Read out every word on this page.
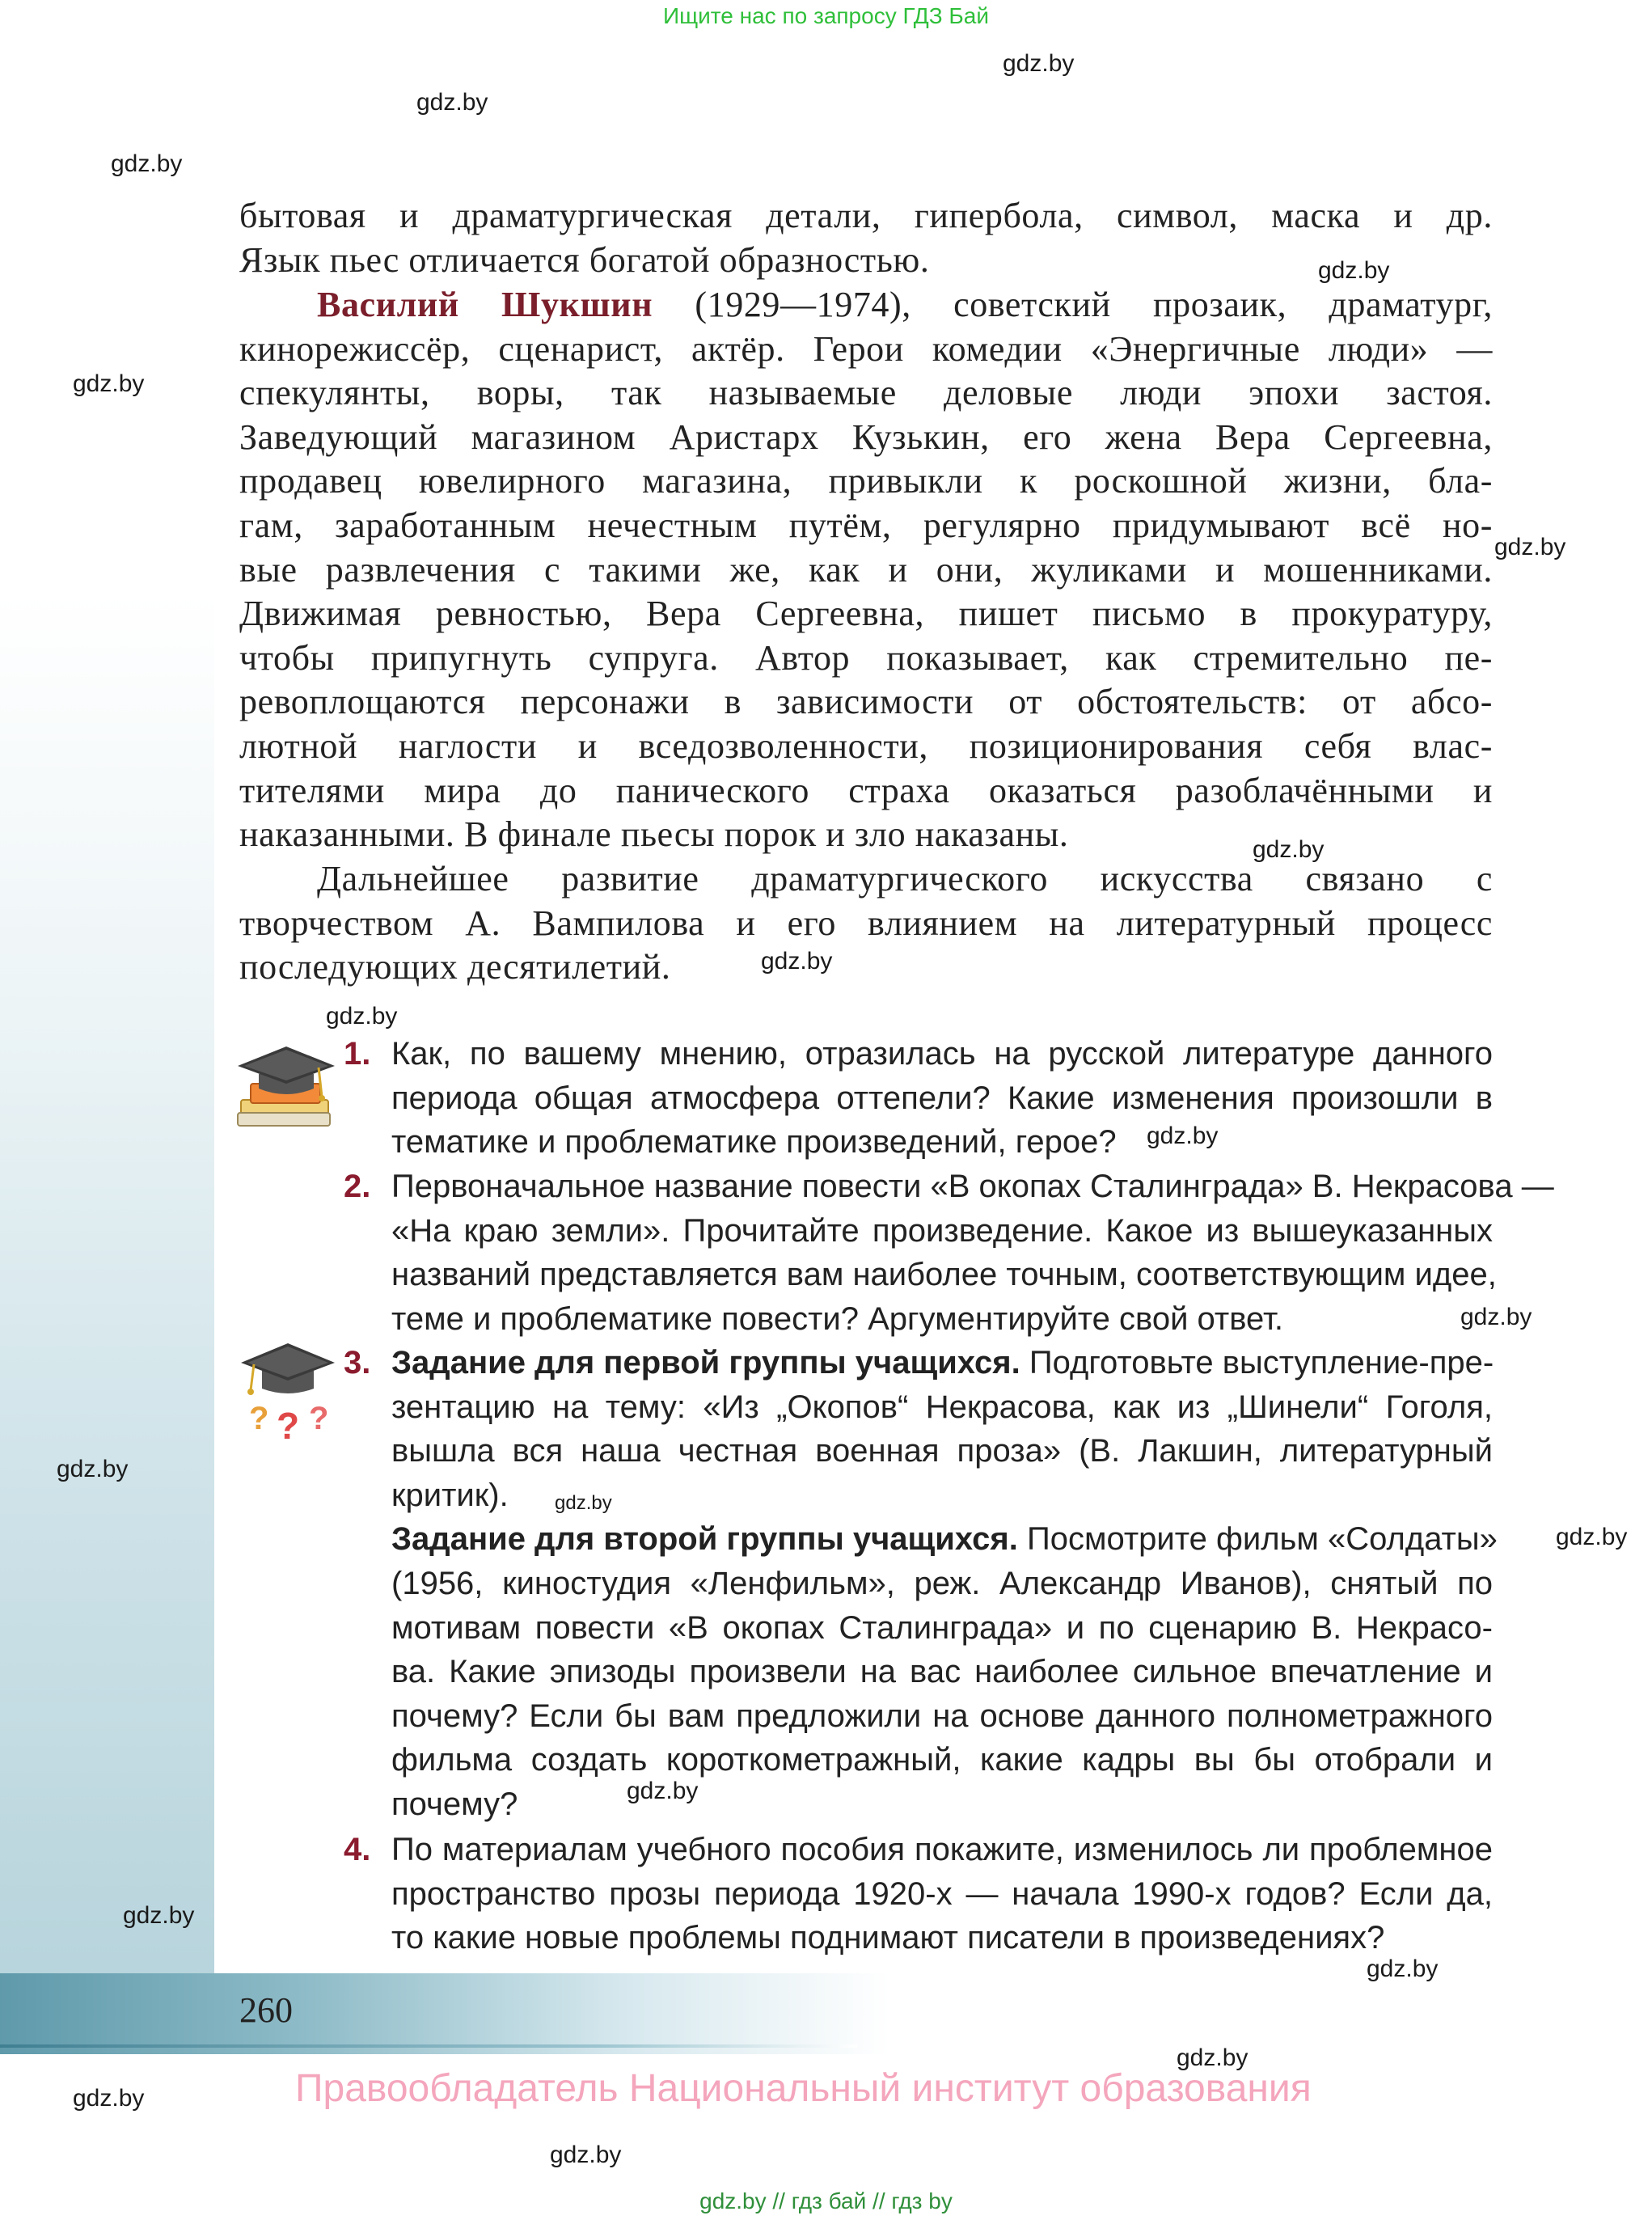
Ищите нас по запросу ГДЗ Бай
gdz.by
gdz.by
gdz.by
gdz.by
gdz.by
gdz.by
gdz.by
gdz.by
gdz.by
gdz.by
gdz.by
gdz.by
gdz.by
gdz.by
gdz.by
gdz.by
gdz.by
gdz.by
gdz.by
gdz.by
бытовая и драматургическая детали, гипербола, символ, маска и др.
Язык пьес отличается богатой образностью.
Василий Шукшин (1929—1974), советский прозаик, драматург,
кинорежиссёр, сценарист, актёр. Герои комедии «Энергичные люди» —
спекулянты, воры, так называемые деловые люди эпохи застоя.
Заведующий магазином Аристарх Кузькин, его жена Вера Сергеевна,
продавец ювелирного магазина, привыкли к роскошной жизни, бла-
гам, заработанным нечестным путём, регулярно придумывают всё но-
вые развлечения с такими же, как и они, жуликами и мошенниками.
Движимая ревностью, Вера Сергеевна, пишет письмо в прокуратуру,
чтобы припугнуть супруга. Автор показывает, как стремительно пе-
ревоплощаются персонажи в зависимости от обстоятельств: от абсо-
лютной наглости и вседозволенности, позиционирования себя влас-
тителями мира до панического страха оказаться разоблачёнными и
наказанными. В финале пьесы порок и зло наказаны.
Дальнейшее развитие драматургического искусства связано с
творчеством А. Вампилова и его влиянием на литературный процесс
последующих десятилетий.
? ? ?
1. Как, по вашему мнению, отразилась на русской литературе данного
периода общая атмосфера оттепели? Какие изменения произошли в
тематике и проблематике произведений, герое?
2. Первоначальное название повести «В окопах Сталинграда» В. Некрасова —
«На краю земли». Прочитайте произведение. Какое из вышеуказанных
названий представляется вам наиболее точным, соответствующим идее,
теме и проблематике повести? Аргументируйте свой ответ.
3. Задание для первой группы учащихся. Подготовьте выступление-пре-
зентацию на тему: «Из „Окопов“ Некрасова, как из „Шинели“ Гоголя,
вышла вся наша честная военная проза» (В. Лакшин, литературный
критик).
Задание для второй группы учащихся. Посмотрите фильм «Солдаты»
(1956, киностудия «Ленфильм», реж. Александр Иванов), снятый по
мотивам повести «В окопах Сталинграда» и по сценарию В. Некрасо-
ва. Какие эпизоды произвели на вас наиболее сильное впечатление и
почему? Если бы вам предложили на основе данного полнометражного
фильма создать короткометражный, какие кадры вы бы отобрали и
почему?
4. По материалам учебного пособия покажите, изменилось ли проблемное
пространство прозы периода 1920-х — начала 1990-х годов? Если да,
то какие новые проблемы поднимают писатели в произведениях?
260
Правообладатель Национальный институт образования
gdz.by // гдз бай // гдз by
